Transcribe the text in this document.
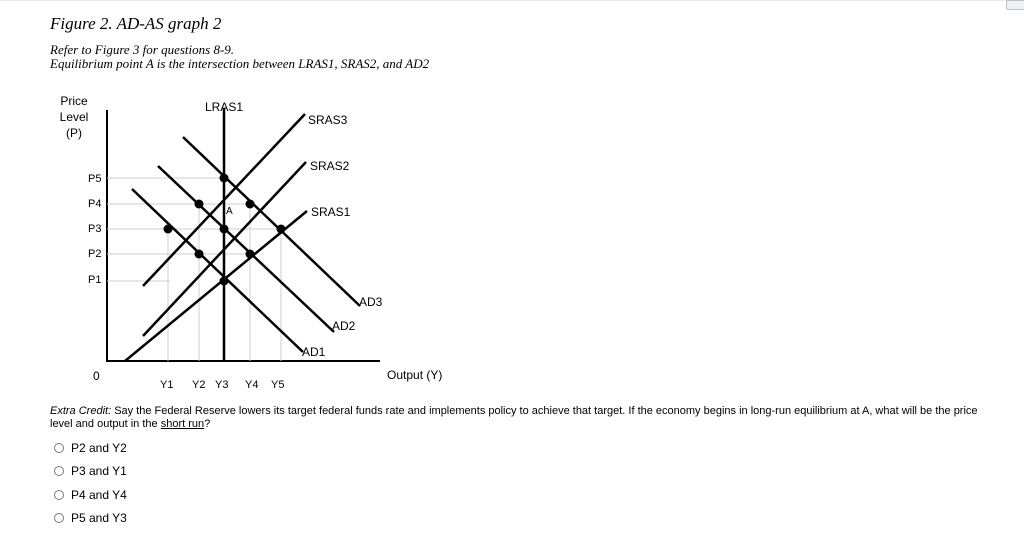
Figure 2. AD-AS graph 2
Refer to Figure 3 for questions 8-9.
Equilibrium point A is the intersection between LRAS1, SRAS2, and AD2
Price
Level
(P)
A
LRAS1
SRAS3
SRAS2
SRAS1
AD3
AD2
AD1
P5
P4
P3
P2
P1
0
Y1 Y2 Y3 Y4 Y5
Output (Y)
Extra Credit: Say the Federal Reserve lowers its target federal funds rate and implements policy to achieve that target. If the economy begins in long-run equilibrium at A, what will be the price level and output in the short run?
P2 and Y2
P3 and Y1
P4 and Y4
P5 and Y3
